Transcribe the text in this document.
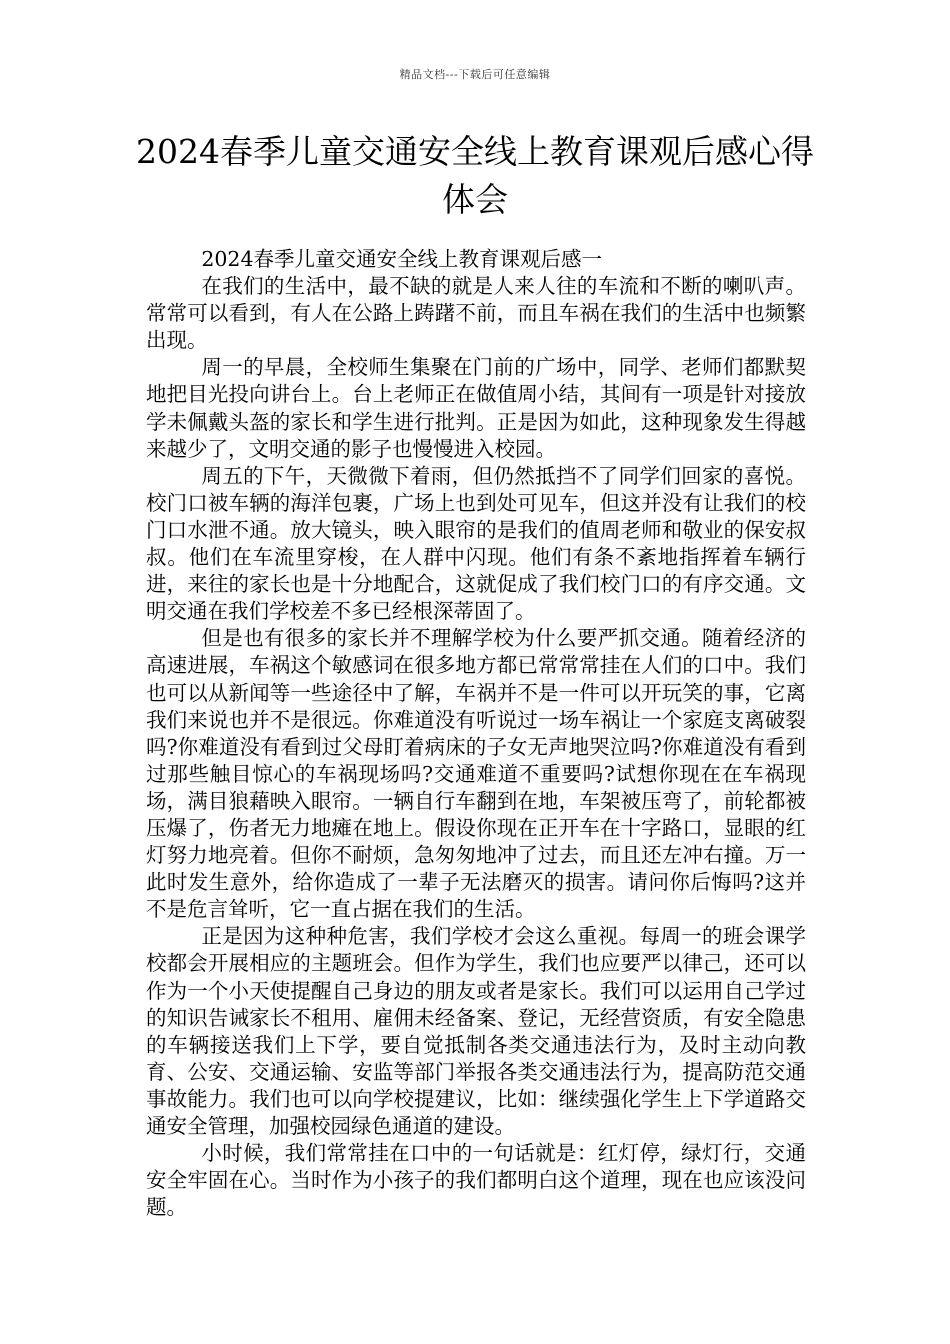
精品文档---下载后可任意编辑
2024春季儿童交通安全线上教育课观后感心得体会

2024春季儿童交通安全线上教育课观后感一

在我们的生活中，最不缺的就是人来人往的车流和不断的喇叭声。常常可以看到，有人在公路上踌躇不前，而且车祸在我们的生活中也频繁出现。

周一的早晨，全校师生集聚在门前的广场中，同学、老师们都默契地把目光投向讲台上。台上老师正在做值周小结，其间有一项是针对接放学未佩戴头盔的家长和学生进行批判。正是因为如此，这种现象发生得越来越少了，文明交通的影子也慢慢进入校园。

周五的下午，天微微下着雨，但仍然抵挡不了同学们回家的喜悦。校门口被车辆的海洋包裹，广场上也到处可见车，但这并没有让我们的校门口水泄不通。放大镜头，映入眼帘的是我们的值周老师和敬业的保安叔叔。他们在车流里穿梭，在人群中闪现。他们有条不紊地指挥着车辆行进，来往的家长也是十分地配合，这就促成了我们校门口的有序交通。文明交通在我们学校差不多已经根深蒂固了。

但是也有很多的家长并不理解学校为什么要严抓交通。随着经济的高速进展，车祸这个敏感词在很多地方都已常常常挂在人们的口中。我们也可以从新闻等一些途径中了解，车祸并不是一件可以开玩笑的事，它离我们来说也并不是很远。你难道没有听说过一场车祸让一个家庭支离破裂吗?你难道没有看到过父母盯着病床的子女无声地哭泣吗?你难道没有看到过那些触目惊心的车祸现场吗?交通难道不重要吗?试想你现在在车祸现场，满目狼藉映入眼帘。一辆自行车翻到在地，车架被压弯了，前轮都被压爆了，伤者无力地瘫在地上。假设你现在正开车在十字路口，显眼的红灯努力地亮着。但你不耐烦，急匆匆地冲了过去，而且还左冲右撞。万一此时发生意外，给你造成了一辈子无法磨灭的损害。请问你后悔吗?这并不是危言耸听，它一直占据在我们的生活。

正是因为这种种危害，我们学校才会这么重视。每周一的班会课学校都会开展相应的主题班会。但作为学生，我们也应要严以律己，还可以作为一个小天使提醒自己身边的朋友或者是家长。我们可以运用自己学过的知识告诫家长不租用、雇佣未经备案、登记，无经营资质，有安全隐患的车辆接送我们上下学，要自觉抵制各类交通违法行为，及时主动向教育、公安、交通运输、安监等部门举报各类交通违法行为，提高防范交通事故能力。我们也可以向学校提建议，比如：继续强化学生上下学道路交通安全管理，加强校园绿色通道的建设。

小时候，我们常常挂在口中的一句话就是：红灯停，绿灯行，交通安全牢固在心。当时作为小孩子的我们都明白这个道理，现在也应该没问题。
